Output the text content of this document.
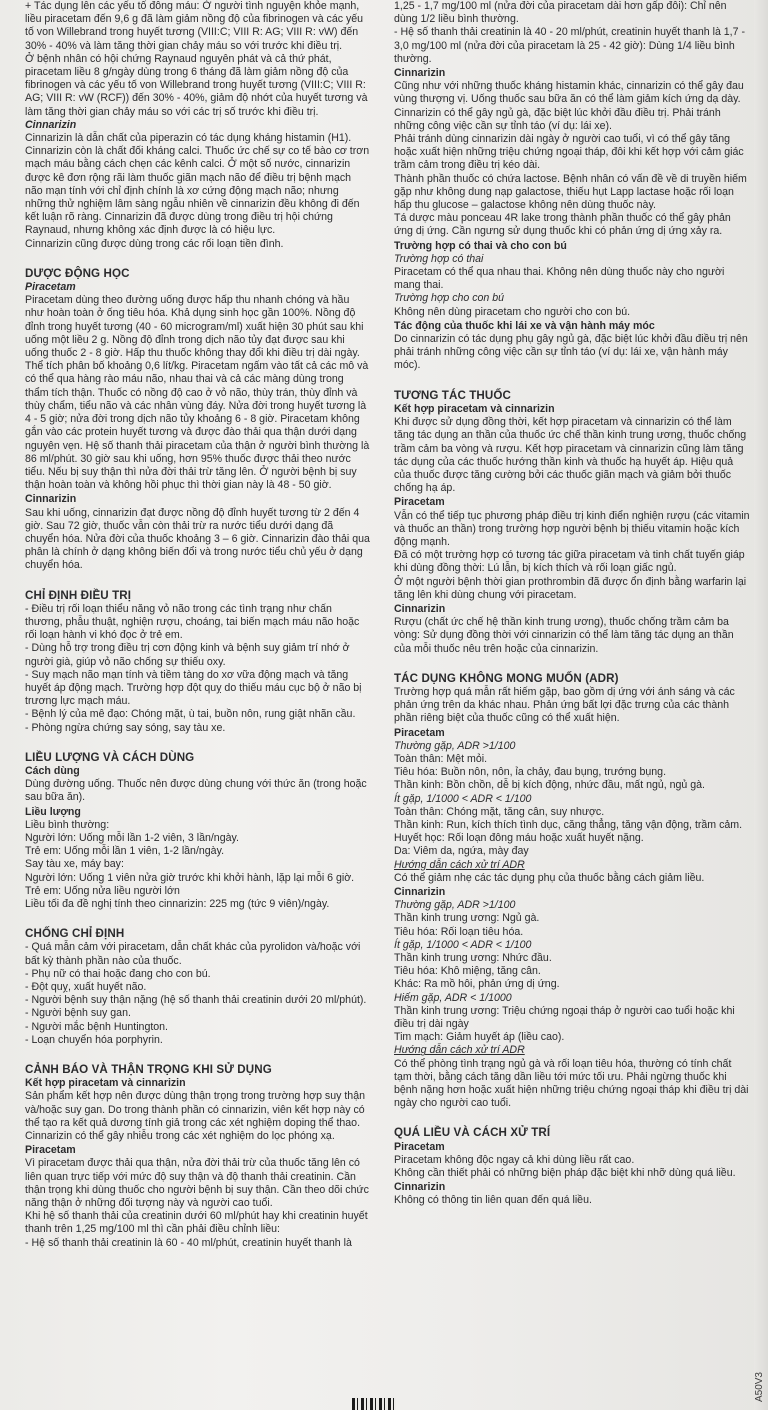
+ Tác dụng lên các yếu tố đông máu: Ở người tình nguyện khỏe mạnh, liều piracetam đến 9,6 g đã làm giảm nồng độ của fibrinogen và các yếu tố von Willebrand trong huyết tương (VIII:C; VIII R: AG; VIII R: vW) đến 30% - 40% và làm tăng thời gian chảy máu so với trước khi điều trị.

Ở bệnh nhân có hội chứng Raynaud nguyên phát và cả thứ phát, piracetam liều 8 g/ngày dùng trong 6 tháng đã làm giảm nồng độ của fibrinogen và các yếu tố von Willebrand trong huyết tương (VIII:C; VIII R: AG; VIII R: vW (RCF)) đến 30% - 40%, giảm độ nhớt của huyết tương và làm tăng thời gian chảy máu so với các trị số trước khi điều trị.

Cinnarizin

Cinnarizin là dẫn chất của piperazin có tác dụng kháng histamin (H1).

Cinnarizin còn là chất đối kháng calci. Thuốc ức chế sự co tế bào cơ trơn mạch máu bằng cách chẹn các kênh calci. Ở một số nước, cinnarizin được kê đơn rộng rãi làm thuốc giãn mạch não để điều trị bệnh mạch não mạn tính với chỉ định chính là xơ cứng động mạch não; nhưng những thử nghiệm lâm sàng ngẫu nhiên về cinnarizin đều không đi đến kết luận rõ ràng. Cinnarizin đã được dùng trong điều trị hội chứng Raynaud, nhưng không xác định được là có hiệu lực.

Cinnarizin cũng được dùng trong các rối loạn tiền đình.

DƯỢC ĐỘNG HỌC

Piracetam

Piracetam dùng theo đường uống được hấp thu nhanh chóng và hầu như hoàn toàn ở ống tiêu hóa. Khả dụng sinh học gần 100%. Nồng độ đỉnh trong huyết tương (40 - 60 microgram/ml) xuất hiện 30 phút sau khi uống một liều 2 g. Nồng độ đỉnh trong dịch não tủy đạt được sau khi uống thuốc 2 - 8 giờ. Hấp thu thuốc không thay đổi khi điều trị dài ngày. Thể tích phân bố khoảng 0,6 lít/kg. Piracetam ngấm vào tất cả các mô và có thể qua hàng rào máu não, nhau thai và cả các màng dùng trong thẩm tích thận. Thuốc có nồng độ cao ở vỏ não, thùy trán, thùy đỉnh và thùy chẩm, tiểu não và các nhân vùng đáy. Nửa đời trong huyết tương là 4 - 5 giờ; nửa đời trong dịch não tủy khoảng 6 - 8 giờ. Piracetam không gắn vào các protein huyết tương và được đào thải qua thận dưới dạng nguyên vẹn. Hệ số thanh thải piracetam của thận ở người bình thường là 86 ml/phút. 30 giờ sau khi uống, hơn 95% thuốc được thải theo nước tiểu. Nếu bị suy thận thì nửa đời thải trừ tăng lên. Ở người bệnh bị suy thận hoàn toàn và không hồi phục thì thời gian này là 48 - 50 giờ.

Cinnarizin

Sau khi uống, cinnarizin đạt được nồng độ đỉnh huyết tương từ 2 đến 4 giờ. Sau 72 giờ, thuốc vẫn còn thải trừ ra nước tiểu dưới dạng đã chuyển hóa. Nửa đời của thuốc khoảng 3 – 6 giờ. Cinnarizin đào thải qua phân là chính ở dạng không biến đổi và trong nước tiểu chủ yếu ở dạng chuyển hóa.

CHỈ ĐỊNH ĐIỀU TRỊ

- Điều trị rối loạn thiểu năng vỏ não trong các tình trạng như chấn thương, phẫu thuật, nghiện rượu, choáng, tai biến mạch máu não hoặc rối loạn hành vi khó đọc ở trẻ em.

- Dùng hỗ trợ trong điều trị cơn động kinh và bệnh suy giảm trí nhớ ở người già, giúp vỏ não chống sự thiếu oxy.

- Suy mạch não mạn tính và tiềm tàng do xơ vữa động mạch và tăng huyết áp động mạch. Trường hợp đột quỵ do thiếu máu cục bộ ở não bị trương lực mạch máu.

- Bệnh lý của mê đạo: Chóng mặt, ù tai, buồn nôn, rung giật nhãn cầu.

- Phòng ngừa chứng say sóng, say tàu xe.

LIỀU LƯỢNG VÀ CÁCH DÙNG

Cách dùng

Dùng đường uống. Thuốc nên được dùng chung với thức ăn (trong hoặc sau bữa ăn).

Liều lượng

Liều bình thường:

Người lớn: Uống mỗi lần 1-2 viên, 3 lần/ngày.

Trẻ em: Uống mỗi lần 1 viên, 1-2 lần/ngày.

Say tàu xe, máy bay:

Người lớn: Uống 1 viên nửa giờ trước khi khởi hành, lặp lại mỗi 6 giờ.

Trẻ em: Uống nửa liều người lớn

Liều tối đa đề nghị tính theo cinnarizin: 225 mg (tức 9 viên)/ngày.

CHỐNG CHỈ ĐỊNH

- Quá mẫn cảm với piracetam, dẫn chất khác của pyrolidon và/hoặc với bất kỳ thành phần nào của thuốc.

- Phụ nữ có thai hoặc đang cho con bú.

- Đột quỵ, xuất huyết não.

- Người bệnh suy thận nặng (hệ số thanh thải creatinin dưới 20 ml/phút).

- Người bệnh suy gan.

- Người mắc bệnh Huntington.

- Loạn chuyển hóa porphyrin.

CẢNH BÁO VÀ THẬN TRỌNG KHI SỬ DỤNG

Kết hợp piracetam và cinnarizin

Sản phẩm kết hợp nên được dùng thận trọng trong trường hợp suy thận và/hoặc suy gan. Do trong thành phần có cinnarizin, viên kết hợp này có thể tạo ra kết quả dương tính giả trong các xét nghiệm doping thể thao. Cinnarizin có thể gây nhiễu trong các xét nghiệm do lọc phóng xạ.

Piracetam

Vì piracetam được thải qua thận, nửa đời thải trừ của thuốc tăng lên có liên quan trực tiếp với mức độ suy thận và độ thanh thải creatinin. Cần thận trọng khi dùng thuốc cho người bệnh bị suy thận. Cần theo dõi chức năng thận ở những đối tượng này và người cao tuổi.

Khi hệ số thanh thải của creatinin dưới 60 ml/phút hay khi creatinin huyết thanh trên 1,25 mg/100 ml thì cần phải điều chỉnh liều:

- Hệ số thanh thải creatinin là 60 - 40 ml/phút, creatinin huyết thanh là

1,25 - 1,7 mg/100 ml (nửa đời của piracetam dài hơn gấp đôi): Chỉ nên dùng 1/2 liều bình thường.

- Hệ số thanh thải creatinin là 40 - 20 ml/phút, creatinin huyết thanh là 1,7 - 3,0 mg/100 ml (nửa đời của piracetam là 25 - 42 giờ): Dùng 1/4 liều bình thường.

Cinnarizin

Cũng như với những thuốc kháng histamin khác, cinnarizin có thể gây đau vùng thượng vị. Uống thuốc sau bữa ăn có thể làm giảm kích ứng dạ dày.

Cinnarizin có thể gây ngủ gà, đặc biệt lúc khởi đầu điều trị. Phải tránh những công việc cần sự tỉnh táo (ví dụ: lái xe).

Phải tránh dùng cinnarizin dài ngày ở người cao tuổi, vì có thể gây tăng hoặc xuất hiện những triệu chứng ngoại tháp, đôi khi kết hợp với cảm giác trầm cảm trong điều trị kéo dài.

Thành phần thuốc có chứa lactose. Bệnh nhân có vấn đề về di truyền hiếm gặp như không dung nạp galactose, thiếu hụt Lapp lactase hoặc rối loạn hấp thu glucose – galactose không nên dùng thuốc này.

Tá dược màu ponceau 4R lake trong thành phần thuốc có thể gây phản ứng dị ứng. Cần ngưng sử dụng thuốc khi có phản ứng dị ứng xảy ra.

Trường hợp có thai và cho con bú

Trường hợp có thai

Piracetam có thể qua nhau thai. Không nên dùng thuốc này cho người mang thai.

Trường hợp cho con bú

Không nên dùng piracetam cho người cho con bú.

Tác động của thuốc khi lái xe và vận hành máy móc

Do cinnarizin có tác dụng phụ gây ngủ gà, đặc biệt lúc khởi đầu điều trị nên phải tránh những công việc cần sự tỉnh táo (ví dụ: lái xe, vận hành máy móc).

TƯƠNG TÁC THUỐC

Kết hợp piracetam và cinnarizin

Khi được sử dụng đồng thời, kết hợp piracetam và cinnarizin có thể làm tăng tác dụng an thần của thuốc ức chế thần kinh trung ương, thuốc chống trầm cảm ba vòng và rượu. Kết hợp piracetam và cinnarizin cũng làm tăng tác dụng của các thuốc hướng thần kinh và thuốc hạ huyết áp. Hiệu quả của thuốc được tăng cường bởi các thuốc giãn mạch và giảm bởi thuốc chống hạ áp.

Piracetam

Vẫn có thể tiếp tục phương pháp điều trị kinh điển nghiện rượu (các vitamin và thuốc an thần) trong trường hợp người bệnh bị thiếu vitamin hoặc kích động mạnh.

Đã có một trường hợp có tương tác giữa piracetam và tinh chất tuyến giáp khi dùng đồng thời: Lú lẫn, bị kích thích và rối loạn giấc ngủ.

Ở một người bệnh thời gian prothrombin đã được ổn định bằng warfarin lại tăng lên khi dùng chung với piracetam.

Cinnarizin

Rượu (chất ức chế hệ thần kinh trung ương), thuốc chống trầm cảm ba vòng: Sử dụng đồng thời với cinnarizin có thể làm tăng tác dụng an thần của mỗi thuốc nêu trên hoặc của cinnarizin.

TÁC DỤNG KHÔNG MONG MUỐN (ADR)

Trường hợp quá mẫn rất hiếm gặp, bao gồm dị ứng với ánh sáng và các phản ứng trên da khác nhau. Phản ứng bất lợi đặc trưng của các thành phần riêng biệt của thuốc cũng có thể xuất hiện.

Piracetam

Thường gặp, ADR >1/100

Toàn thân: Mệt mỏi.

Tiêu hóa: Buồn nôn, nôn, ỉa chảy, đau bụng, trướng bụng.

Thần kinh: Bồn chồn, dễ bị kích động, nhức đầu, mất ngủ, ngủ gà.

Ít gặp, 1/1000 < ADR < 1/100

Toàn thân: Chóng mặt, tăng cân, suy nhược.

Thần kinh: Run, kích thích tình dục, căng thẳng, tăng vận động, trầm cảm.

Huyết học: Rối loạn đông máu hoặc xuất huyết nặng.

Da: Viêm da, ngứa, mày đay

Hướng dẫn cách xử trí ADR

Có thể giảm nhẹ các tác dụng phụ của thuốc bằng cách giảm liều.

Cinnarizin

Thường gặp, ADR >1/100

Thần kinh trung ương: Ngủ gà.

Tiêu hóa: Rối loạn tiêu hóa.

Ít gặp, 1/1000 < ADR < 1/100

Thần kinh trung ương: Nhức đầu.

Tiêu hóa: Khô miệng, tăng cân.

Khác: Ra mồ hôi, phản ứng dị ứng.

Hiếm gặp, ADR < 1/1000

Thần kinh trung ương: Triệu chứng ngoại tháp ở người cao tuổi hoặc khi điều trị dài ngày

Tim mạch: Giảm huyết áp (liều cao).

Hướng dẫn cách xử trí ADR

Có thể phòng tình trạng ngủ gà và rối loạn tiêu hóa, thường có tính chất tạm thời, bằng cách tăng dần liều tới mức tối ưu. Phải ngừng thuốc khi bệnh nặng hơn hoặc xuất hiện những triệu chứng ngoại tháp khi điều trị dài ngày cho người cao tuổi.

QUÁ LIỀU VÀ CÁCH XỬ TRÍ

Piracetam

Piracetam không độc ngay cả khi dùng liều rất cao.

Không cần thiết phải có những biện pháp đặc biệt khi nhỡ dùng quá liều.

Cinnarizin

Không có thông tin liên quan đến quá liều.

A50V3
